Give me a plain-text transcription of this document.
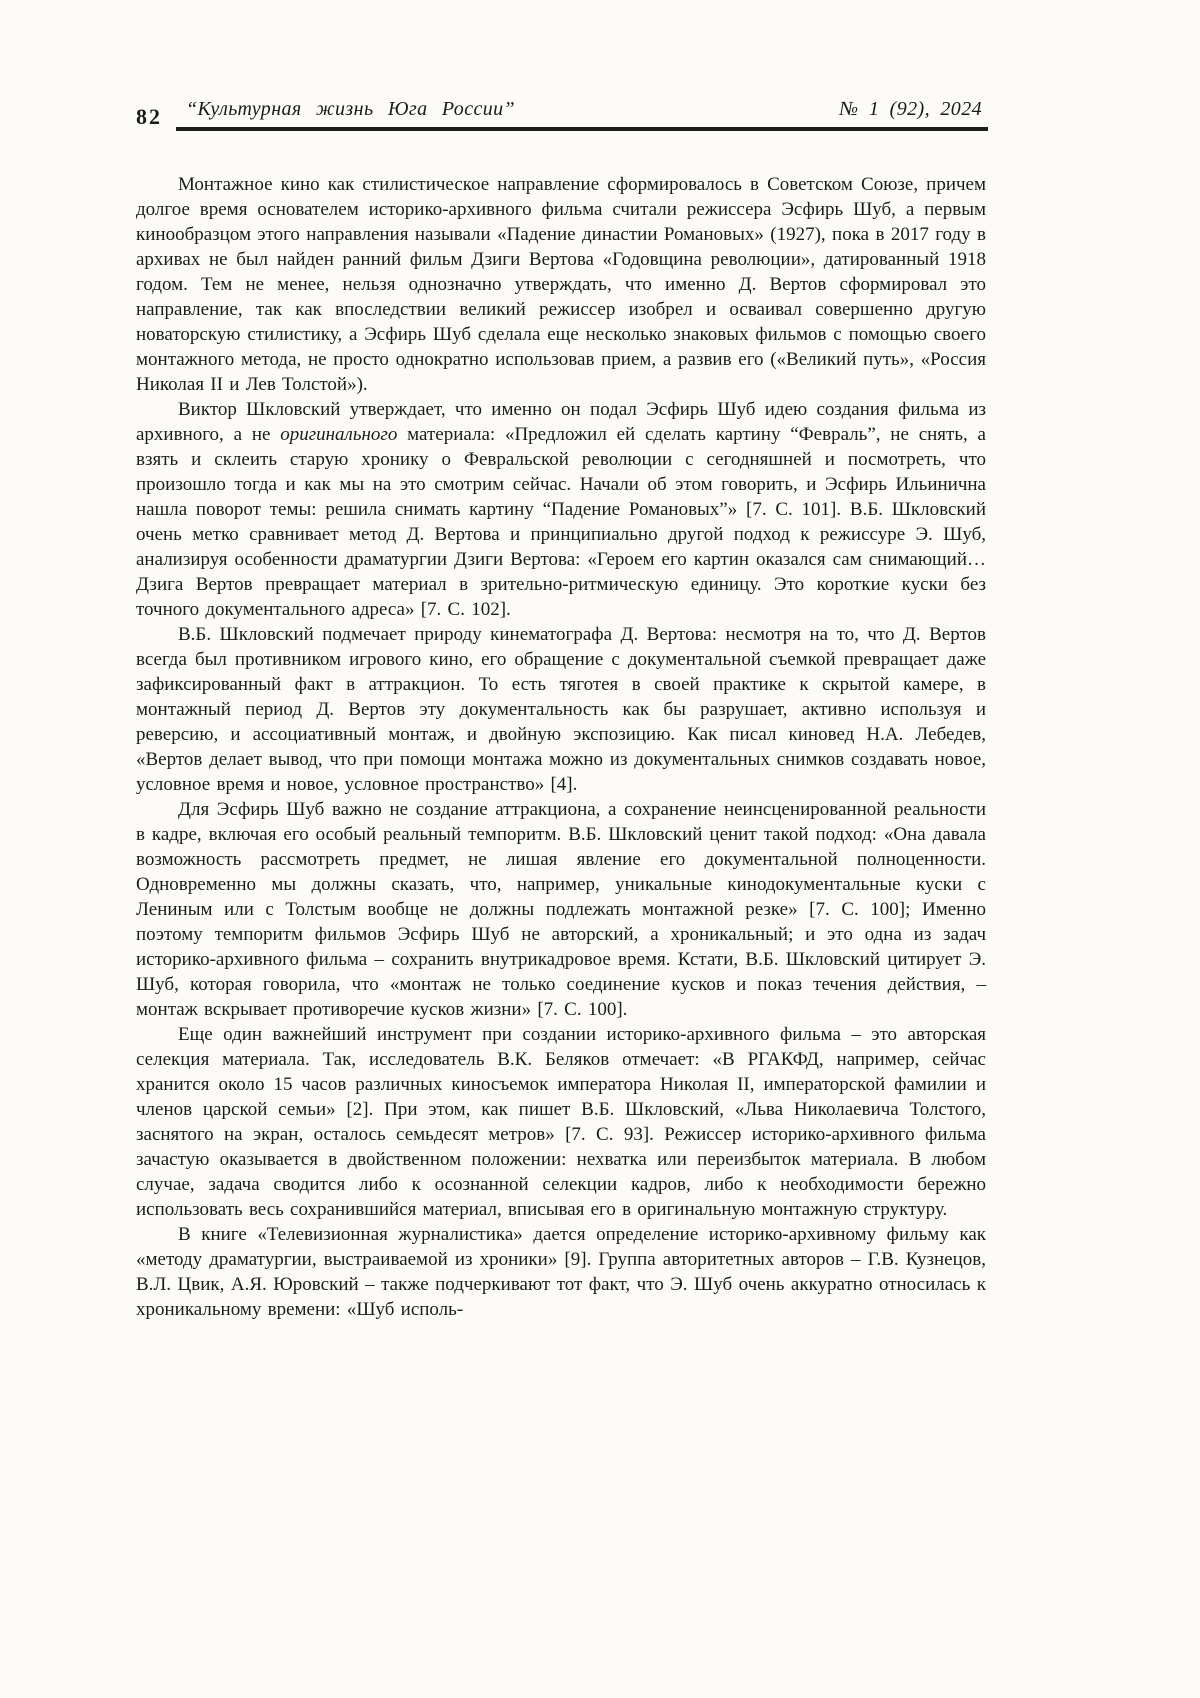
82	“Культурная жизнь Юга России”	№ 1 (92), 2024

Монтажное кино как стилистическое направление сформировалось в Советском Союзе, причем долгое время основателем историко-архивного фильма считали режиссера Эсфирь Шуб, а первым кинообразцом этого направления называли «Падение династии Романовых» (1927), пока в 2017 году в архивах не был найден ранний фильм Дзиги Вертова «Годовщина революции», датированный 1918 годом. Тем не менее, нельзя однозначно утверждать, что именно Д. Вертов сформировал это направление, так как впоследствии великий режиссер изобрел и осваивал совершенно другую новаторскую стилистику, а Эсфирь Шуб сделала еще несколько знаковых фильмов с помощью своего монтажного метода, не просто однократно использовав прием, а развив его («Великий путь», «Россия Николая II и Лев Толстой»).

Виктор Шкловский утверждает, что именно он подал Эсфирь Шуб идею создания фильма из архивного, а не оригинального материала: «Предложил ей сделать картину “Февраль”, не снять, а взять и склеить старую хронику о Февральской революции с сегодняшней и посмотреть, что произошло тогда и как мы на это смотрим сейчас. Начали об этом говорить, и Эсфирь Ильинична нашла поворот темы: решила снимать картину “Падение Романовых”» [7. С. 101]. В.Б. Шкловский очень метко сравнивает метод Д. Вертова и принципиально другой подход к режиссуре Э. Шуб, анализируя особенности драматургии Дзиги Вертова: «Героем его картин оказался сам снимающий… Дзига Вертов превращает материал в зрительно-ритмическую единицу. Это короткие куски без точного документального адреса» [7. С. 102].

В.Б. Шкловский подмечает природу кинематографа Д. Вертова: несмотря на то, что Д. Вертов всегда был противником игрового кино, его обращение с документальной съемкой превращает даже зафиксированный факт в аттракцион. То есть тяготея в своей практике к скрытой камере, в монтажный период Д. Вертов эту документальность как бы разрушает, активно используя и реверсию, и ассоциативный монтаж, и двойную экспозицию. Как писал киновед Н.А. Лебедев, «Вертов делает вывод, что при помощи монтажа можно из документальных снимков создавать новое, условное время и новое, условное пространство» [4].

Для Эсфирь Шуб важно не создание аттракциона, а сохранение неинсценированной реальности в кадре, включая его особый реальный темпоритм. В.Б. Шкловский ценит такой подход: «Она давала возможность рассмотреть предмет, не лишая явление его документальной полноценности. Одновременно мы должны сказать, что, например, уникальные кинодокументальные куски с Лениным или с Толстым вообще не должны подлежать монтажной резке» [7. С. 100]; Именно поэтому темпоритм фильмов Эсфирь Шуб не авторский, а хроникальный; и это одна из задач историко-архивного фильма – сохранить внутрикадровое время. Кстати, В.Б. Шкловский цитирует Э. Шуб, которая говорила, что «монтаж не только соединение кусков и показ течения действия, – монтаж вскрывает противоречие кусков жизни» [7. С. 100].

Еще один важнейший инструмент при создании историко-архивного фильма – это авторская селекция материала. Так, исследователь В.К. Беляков отмечает: «В РГАКФД, например, сейчас хранится около 15 часов различных киносъемок императора Николая II, императорской фамилии и членов царской семьи» [2]. При этом, как пишет В.Б. Шкловский, «Льва Николаевича Толстого, заснятого на экран, осталось семьдесят метров» [7. С. 93]. Режиссер историко-архивного фильма зачастую оказывается в двойственном положении: нехватка или переизбыток материала. В любом случае, задача сводится либо к осознанной селекции кадров, либо к необходимости бережно использовать весь сохранившийся материал, вписывая его в оригинальную монтажную структуру.

В книге «Телевизионная журналистика» дается определение историко-архивному фильму как «методу драматургии, выстраиваемой из хроники» [9]. Группа авторитетных авторов – Г.В. Кузнецов, В.Л. Цвик, А.Я. Юровский – также подчеркивают тот факт, что Э. Шуб очень аккуратно относилась к хроникальному времени: «Шуб исполь-
